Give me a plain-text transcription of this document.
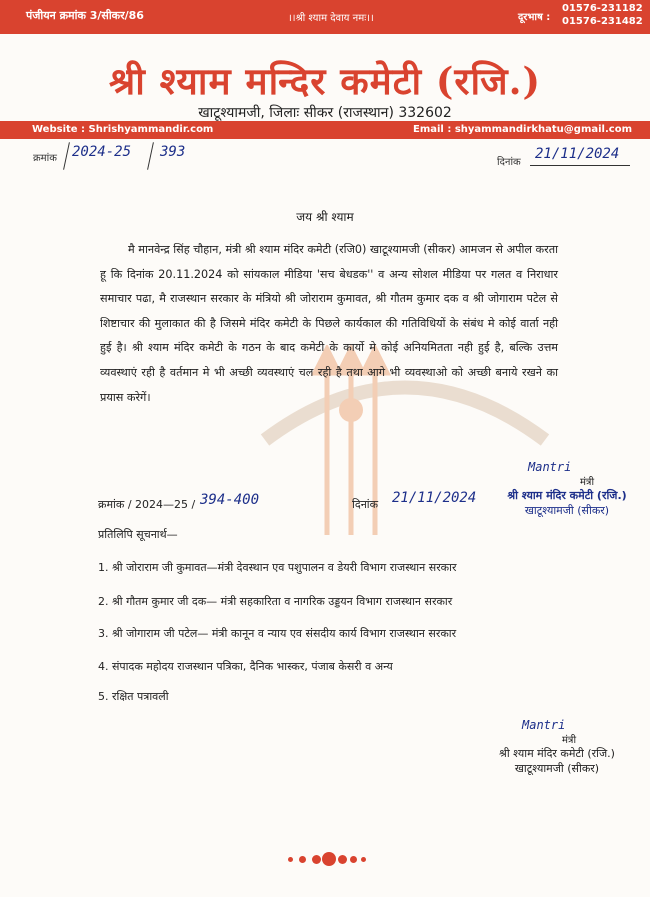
पंजीयन क्रमांक 3/सीकर/86	।।श्री श्याम देवाय नमः।।	दूरभाष :
01576-231182
01576-231482
श्री श्याम मन्दिर कमेटी (रजि.)
खाटूश्यामजी, जिलाः सीकर (राजस्थान) 332602
Website : Shrishyammandir.com	Email : shyammandirkhatu@gmail.com
क्रमांक 2024-25 393
दिनांक
21/11/2024
जय श्री श्याम

मै मानवेन्द्र सिंह चौहान, मंत्री श्री श्याम मंदिर कमेटी (रजि0) खाटूश्यामजी (सीकर) आमजन से अपील करता हू कि दिनांक 20.11.2024 को सांयकाल मीडिया 'सच बेधडक'' व अन्य सोशल मीडिया पर गलत व निराधार समाचार पढा, मै राजस्थान सरकार के मंत्रियो श्री जोराराम कुमावत, श्री गौतम कुमार दक व श्री जोगाराम पटेल से शिष्टाचार की मुलाकात की है जिसमे मंदिर कमेटी के पिछले कार्यकाल की गतिविधियों के संबंध मे कोई वार्ता नही हुई है। श्री श्याम मंदिर कमेटी के गठन के बाद कमेटी के कार्यो मे कोई अनियमितता नही हुई है, बल्कि उत्तम व्यवस्थाएं रही है वर्तमान मे भी अच्छी व्यवस्थाएं चल रही है तथा आगे भी व्यवस्थाओ को अच्छी बनाये रखने का प्रयास करेगें।

Mantri
मंत्री
श्री श्याम मंदिर कमेटी (रजि.)
खाटूश्यामजी (सीकर)
क्रमांक / 2024—25 / 394-400	दिनांक 21/11/2024
प्रतिलिपि सूचनार्थ—
1. श्री जोराराम जी कुमावत—मंत्री देवस्थान एव पशुपालन व डेयरी विभाग राजस्थान सरकार
2. श्री गौतम कुमार जी दक— मंत्री सहकारिता व नागरिक उड्डयन विभाग राजस्थान सरकार
3. श्री जोगाराम जी पटेल— मंत्री कानून व न्याय एव संसदीय कार्य विभाग राजस्थान सरकार
4. संपादक महोदय राजस्थान पत्रिका, दैनिक भास्कर, पंजाब केसरी व अन्य
5. रक्षित पत्रावली
Mantri
मंत्री
श्री श्याम मंदिर कमेटी (रजि.)
खाटूश्यामजी (सीकर)
